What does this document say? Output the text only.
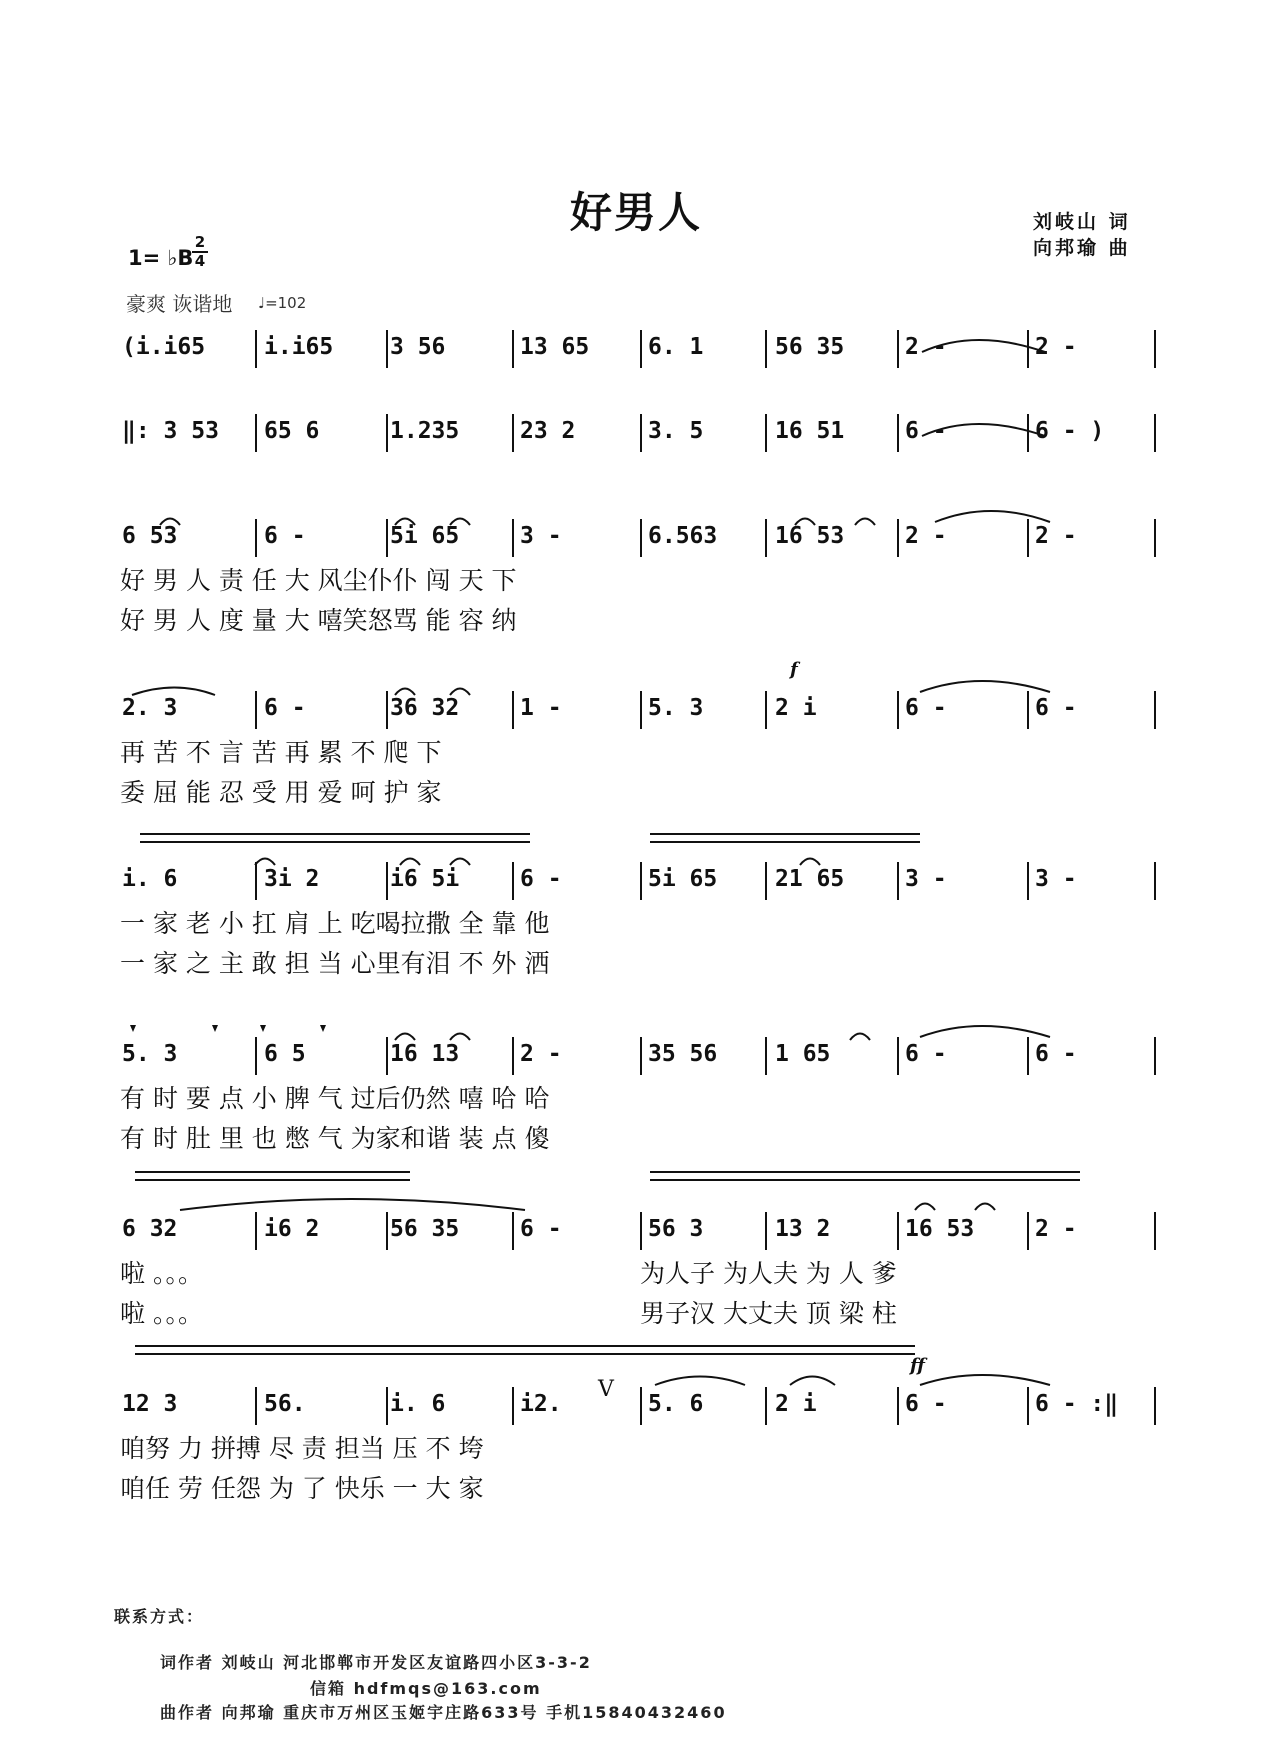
好男人	刘岐山 词
向邦瑜 曲
1= ♭B
2
4
豪爽 诙谐地 ♩=102
(i.i65	i.i65 3 56	13 65	6. 1	56 35	2 -	2 -
‖: 3 53 65 6	1.235	23 2	3. 5	16 51	6 -	6 - )
6 53	6 -	5i 65	3 -	6.563	16 53	2 -	2 -
好 男 人 责 任 大 风尘仆仆 闯 天 下
好 男 人 度 量 大 嘻笑怒骂 能 容 纳
2. 3	6 -	36 32	1 -	5. 3	2 i	6 -	6 -
再 苦 不 言 苦 再 累 不 爬 下
委 屈 能 忍 受 用 爱 呵 护 家
f
i. 6	3i 2	i6 5i	6 -	5i 65	21 65	3 -	3 -
一 家 老 小 扛 肩 上 吃喝拉撒 全 靠 他
一 家 之 主 敢 担 当 心里有泪 不 外 洒
5. 3	6 5	16 13	2 -	35 56	1 65	6 -	6 -
有 时 要 点 小 脾 气 过后仍然 嘻 哈 哈
有 时 肚 里 也 憋 气 为家和谐 装 点 傻
6 32	i6 2	56 35	6 -	56 3	13 2	16 53	2 -
啦 。。。
啦 。。。
为人子 为人夫 为 人 爹
男子汉 大丈夫 顶 梁 柱
12 3	56.	i. 6	i2.	5. 6	2 i	6 -	6 - :‖
咱努 力 拼搏 尽 责 担当 压 不 垮
咱任 劳 任怨 为 了 快乐 一 大 家
ff
V
联系方式：
词作者 刘岐山 河北邯郸市开发区友谊路四小区3-3-2
信箱 hdfmqs@163.com
曲作者 向邦瑜 重庆市万州区玉姬宇庄路633号 手机15840432460
